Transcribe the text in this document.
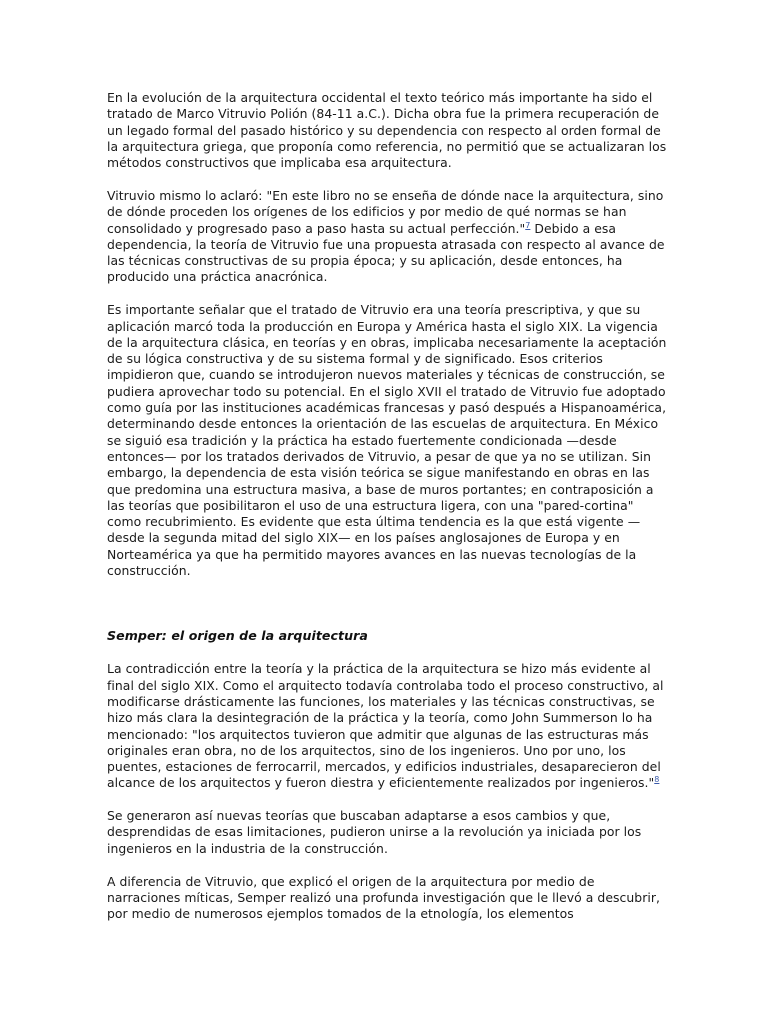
En la evolución de la arquitectura occidental el texto teórico más importante ha sido el tratado de Marco Vitruvio Polión (84-11 a.C.). Dicha obra fue la primera recuperación de un legado formal del pasado histórico y su dependencia con respecto al orden formal de la arquitectura griega, que proponía como referencia, no permitió que se actualizaran los métodos constructivos que implicaba esa arquitectura.

Vitruvio mismo lo aclaró: "En este libro no se enseña de dónde nace la arquitectura, sino de dónde proceden los orígenes de los edificios y por medio de qué normas se han consolidado y progresado paso a paso hasta su actual perfección."$^7$ Debido a esa dependencia, la teoría de Vitruvio fue una propuesta atrasada con respecto al avance de las técnicas constructivas de su propia época; y su aplicación, desde entonces, ha producido una práctica anacrónica.

Es importante señalar que el tratado de Vitruvio era una teoría prescriptiva, y que su aplicación marcó toda la producción en Europa y América hasta el siglo XIX. La vigencia de la arquitectura clásica, en teorías y en obras, implicaba necesariamente la aceptación de su lógica constructiva y de su sistema formal y de significado. Esos criterios impidieron que, cuando se introdujeron nuevos materiales y técnicas de construcción, se pudiera aprovechar todo su potencial. En el siglo XVII el tratado de Vitruvio fue adoptado como guía por las instituciones académicas francesas y pasó después a Hispanoamérica, determinando desde entonces la orientación de las escuelas de arquitectura. En México se siguió esa tradición y la práctica ha estado fuertemente condicionada —desde entonces— por los tratados derivados de Vitruvio, a pesar de que ya no se utilizan. Sin embargo, la dependencia de esta visión teórica se sigue manifestando en obras en las que predomina una estructura masiva, a base de muros portantes; en contraposición a las teorías que posibilitaron el uso de una estructura ligera, con una "pared-cortina" como recubrimiento. Es evidente que esta última tendencia es la que está vigente —desde la segunda mitad del siglo XIX— en los países anglosajones de Europa y en Norteamérica ya que ha permitido mayores avances en las nuevas tecnologías de la construcción.

Semper: el origen de la arquitectura

La contradicción entre la teoría y la práctica de la arquitectura se hizo más evidente al final del siglo XIX. Como el arquitecto todavía controlaba todo el proceso constructivo, al modificarse drásticamente las funciones, los materiales y las técnicas constructivas, se hizo más clara la desintegración de la práctica y la teoría, como John Summerson lo ha mencionado: "los arquitectos tuvieron que admitir que algunas de las estructuras más originales eran obra, no de los arquitectos, sino de los ingenieros. Uno por uno, los puentes, estaciones de ferrocarril, mercados, y edificios industriales, desaparecieron del alcance de los arquitectos y fueron diestra y eficientemente realizados por ingenieros."$^8$

Se generaron así nuevas teorías que buscaban adaptarse a esos cambios y que, desprendidas de esas limitaciones, pudieron unirse a la revolución ya iniciada por los ingenieros en la industria de la construcción.

A diferencia de Vitruvio, que explicó el origen de la arquitectura por medio de narraciones míticas, Semper realizó una profunda investigación que le llevó a descubrir, por medio de numerosos ejemplos tomados de la etnología, los elementos
